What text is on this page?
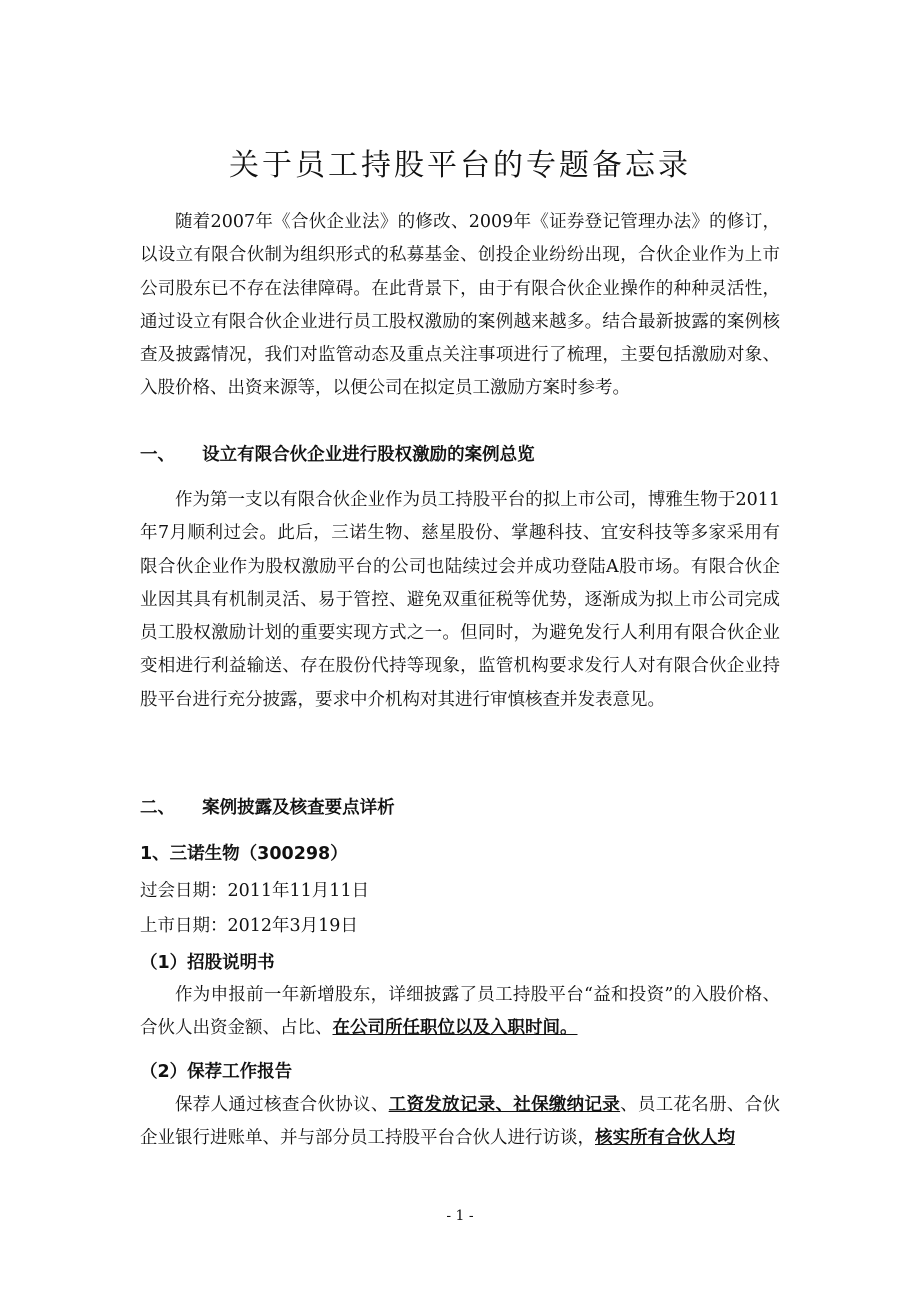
关于员工持股平台的专题备忘录

随着2007年《合伙企业法》的修改、2009年《证券登记管理办法》的修订，以设立有限合伙制为组织形式的私募基金、创投企业纷纷出现，合伙企业作为上市公司股东已不存在法律障碍。在此背景下，由于有限合伙企业操作的种种灵活性，通过设立有限合伙企业进行员工股权激励的案例越来越多。结合最新披露的案例核查及披露情况，我们对监管动态及重点关注事项进行了梳理，主要包括激励对象、入股价格、出资来源等，以便公司在拟定员工激励方案时参考。

一、 设立有限合伙企业进行股权激励的案例总览

作为第一支以有限合伙企业作为员工持股平台的拟上市公司，博雅生物于2011年7月顺利过会。此后，三诺生物、慈星股份、掌趣科技、宜安科技等多家采用有限合伙企业作为股权激励平台的公司也陆续过会并成功登陆A股市场。有限合伙企业因其具有机制灵活、易于管控、避免双重征税等优势，逐渐成为拟上市公司完成员工股权激励计划的重要实现方式之一。但同时，为避免发行人利用有限合伙企业变相进行利益输送、存在股份代持等现象，监管机构要求发行人对有限合伙企业持股平台进行充分披露，要求中介机构对其进行审慎核查并发表意见。

二、 案例披露及核查要点详析
1、三诺生物（300298）
过会日期：2011年11月11日
上市日期：2012年3月19日
（1）招股说明书

作为申报前一年新增股东，详细披露了员工持股平台“益和投资”的入股价格、合伙人出资金额、占比、在公司所任职位以及入职时间。

（2）保荐工作报告

保荐人通过核查合伙协议、工资发放记录、社保缴纳记录、员工花名册、合伙企业银行进账单、并与部分员工持股平台合伙人进行访谈，核实所有合伙人均

- 1 -
